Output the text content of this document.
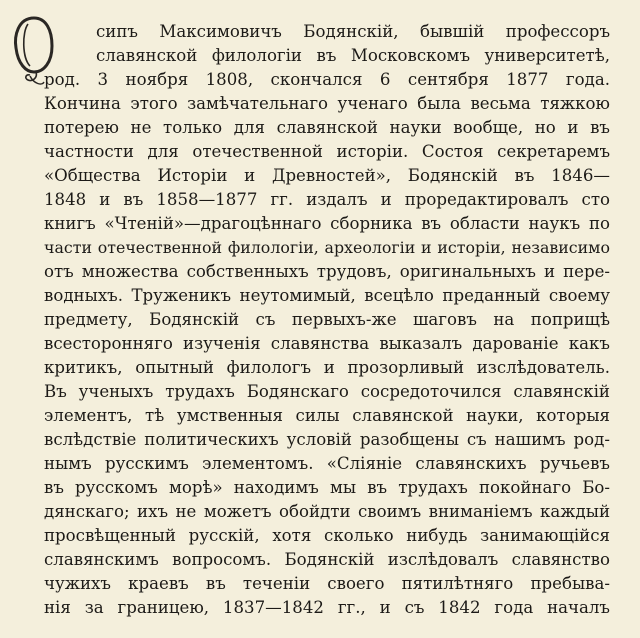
сипъ Максимовичъ Бодянскій, бывшій профессоръ
славянской филологіи въ Московскомъ университетѣ,
род. 3 ноября 1808, скончался 6 сентября 1877 года.
Кончина этого замѣчательнаго ученаго была весьма тяжкою
потерею не только для славянской науки вообще, но и въ
частности для отечественной исторіи. Состоя секретаремъ
«Общества Исторіи и Древностей», Бодянскій въ 1846—
1848 и въ 1858—1877 гг. издалъ и проредактировалъ сто
книгъ «Чтеній»—драгоцѣннаго сборника въ области наукъ по
части отечественной филологіи, археологіи и исторіи, независимо
отъ множества собственныхъ трудовъ, оригинальныхъ и пере-
водныхъ. Труженикъ неутомимый, всецѣло преданный своему
предмету, Бодянскій съ первыхъ-же шаговъ на поприщѣ
всесторонняго изученія славянства выказалъ дарованіе какъ
критикъ, опытный филологъ и прозорливый изслѣдователь.
Въ ученыхъ трудахъ Бодянскаго сосредоточился славянскій
элементъ, тѣ умственныя силы славянской науки, которыя
вслѣдствіе политическихъ условій разобщены съ нашимъ род-
нымъ русскимъ элементомъ. «Сліяніе славянскихъ ручьевъ
въ русскомъ морѣ» находимъ мы въ трудахъ покойнаго Бо-
дянскаго; ихъ не можетъ обойдти своимъ вниманіемъ каждый
просвѣщенный русскій, хотя сколько нибудь занимающійся
славянскимъ вопросомъ. Бодянскій изслѣдовалъ славянство
чужихъ краевъ въ теченіи своего пятилѣтняго пребыва-
нія за границею, 1837—1842 гг., и съ 1842 года началъ
